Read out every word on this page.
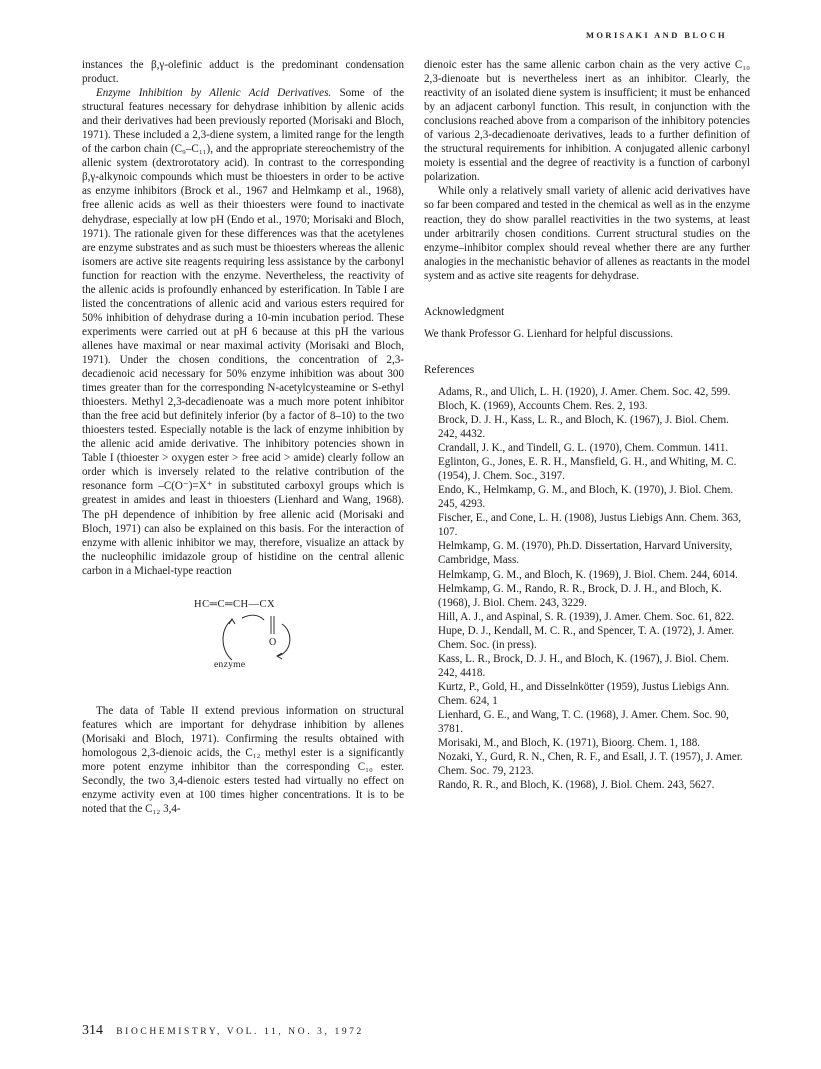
MORISAKI AND BLOCH

instances the β,γ-olefinic adduct is the predominant condensation product.

Enzyme Inhibition by Allenic Acid Derivatives. Some of the structural features necessary for dehydrase inhibition by allenic acids and their derivatives had been previously reported (Morisaki and Bloch, 1971). These included a 2,3-diene system, a limited range for the length of the carbon chain (C₉–C₁₁), and the appropriate stereochemistry of the allenic system (dextrorotatory acid). In contrast to the corresponding β,γ-alkynoic compounds which must be thioesters in order to be active as enzyme inhibitors (Brock et al., 1967 and Helmkamp et al., 1968), free allenic acids as well as their thioesters were found to inactivate dehydrase, especially at low pH (Endo et al., 1970; Morisaki and Bloch, 1971). The rationale given for these differences was that the acetylenes are enzyme substrates and as such must be thioesters whereas the allenic isomers are active site reagents requiring less assistance by the carbonyl function for reaction with the enzyme. Nevertheless, the reactivity of the allenic acids is profoundly enhanced by esterification. In Table I are listed the concentrations of allenic acid and various esters required for 50% inhibition of dehydrase during a 10-min incubation period. These experiments were carried out at pH 6 because at this pH the various allenes have maximal or near maximal activity (Morisaki and Bloch, 1971). Under the chosen conditions, the concentration of 2,3-decadienoic acid necessary for 50% enzyme inhibition was about 300 times greater than for the corresponding N-acetylcysteamine or S-ethyl thioesters. Methyl 2,3-decadienoate was a much more potent inhibitor than the free acid but definitely inferior (by a factor of 8–10) to the two thioesters tested. Especially notable is the lack of enzyme inhibition by the allenic acid amide derivative. The inhibitory potencies shown in Table I (thioester > oxygen ester > free acid > amide) clearly follow an order which is inversely related to the relative contribution of the resonance form –C(O⁻)=X⁺ in substituted carboxyl groups which is greatest in amides and least in thioesters (Lienhard and Wang, 1968). The pH dependence of inhibition by free allenic acid (Morisaki and Bloch, 1971) can also be explained on this basis. For the interaction of enzyme with allenic inhibitor we may, therefore, visualize an attack by the nucleophilic imidazole group of histidine on the central allenic carbon in a Michael-type reaction

HC═C═CH—CX
O
enzyme

The data of Table II extend previous information on structural features which are important for dehydrase inhibition by allenes (Morisaki and Bloch, 1971). Confirming the results obtained with homologous 2,3-dienoic acids, the C₁₂ methyl ester is a significantly more potent enzyme inhibitor than the corresponding C₁₀ ester. Secondly, the two 3,4-dienoic esters tested had virtually no effect on enzyme activity even at 100 times higher concentrations. It is to be noted that the C₁₂ 3,4-

dienoic ester has the same allenic carbon chain as the very active C₁₀ 2,3-dienoate but is nevertheless inert as an inhibitor. Clearly, the reactivity of an isolated diene system is insufficient; it must be enhanced by an adjacent carbonyl function. This result, in conjunction with the conclusions reached above from a comparison of the inhibitory potencies of various 2,3-decadienoate derivatives, leads to a further definition of the structural requirements for inhibition. A conjugated allenic carbonyl moiety is essential and the degree of reactivity is a function of carbonyl polarization.

While only a relatively small variety of allenic acid derivatives have so far been compared and tested in the chemical as well as in the enzyme reaction, they do show parallel reactivities in the two systems, at least under arbitrarily chosen conditions. Current structural studies on the enzyme–inhibitor complex should reveal whether there are any further analogies in the mechanistic behavior of allenes as reactants in the model system and as active site reagents for dehydrase.

Acknowledgment

We thank Professor G. Lienhard for helpful discussions.

References

Adams, R., and Ulich, L. H. (1920), J. Amer. Chem. Soc. 42, 599.

Bloch, K. (1969), Accounts Chem. Res. 2, 193.

Brock, D. J. H., Kass, L. R., and Bloch, K. (1967), J. Biol. Chem. 242, 4432.

Crandall, J. K., and Tindell, G. L. (1970), Chem. Commun. 1411.

Eglinton, G., Jones, E. R. H., Mansfield, G. H., and Whiting, M. C. (1954), J. Chem. Soc., 3197.

Endo, K., Helmkamp, G. M., and Bloch, K. (1970), J. Biol. Chem. 245, 4293.

Fischer, E., and Cone, L. H. (1908), Justus Liebigs Ann. Chem. 363, 107.

Helmkamp, G. M. (1970), Ph.D. Dissertation, Harvard University, Cambridge, Mass.

Helmkamp, G. M., and Bloch, K. (1969), J. Biol. Chem. 244, 6014.

Helmkamp, G. M., Rando, R. R., Brock, D. J. H., and Bloch, K. (1968), J. Biol. Chem. 243, 3229.

Hill, A. J., and Aspinal, S. R. (1939), J. Amer. Chem. Soc. 61, 822.

Hupe, D. J., Kendall, M. C. R., and Spencer, T. A. (1972), J. Amer. Chem. Soc. (in press).

Kass, L. R., Brock, D. J. H., and Bloch, K. (1967), J. Biol. Chem. 242, 4418.

Kurtz, P., Gold, H., and Disselnkötter (1959), Justus Liebigs Ann. Chem. 624, 1

Lienhard, G. E., and Wang, T. C. (1968), J. Amer. Chem. Soc. 90, 3781.

Morisaki, M., and Bloch, K. (1971), Bioorg. Chem. 1, 188.

Nozaki, Y., Gurd, R. N., Chen, R. F., and Esall, J. T. (1957), J. Amer. Chem. Soc. 79, 2123.

Rando, R. R., and Bloch, K. (1968), J. Biol. Chem. 243, 5627.

314 BIOCHEMISTRY, VOL. 11, NO. 3, 1972
